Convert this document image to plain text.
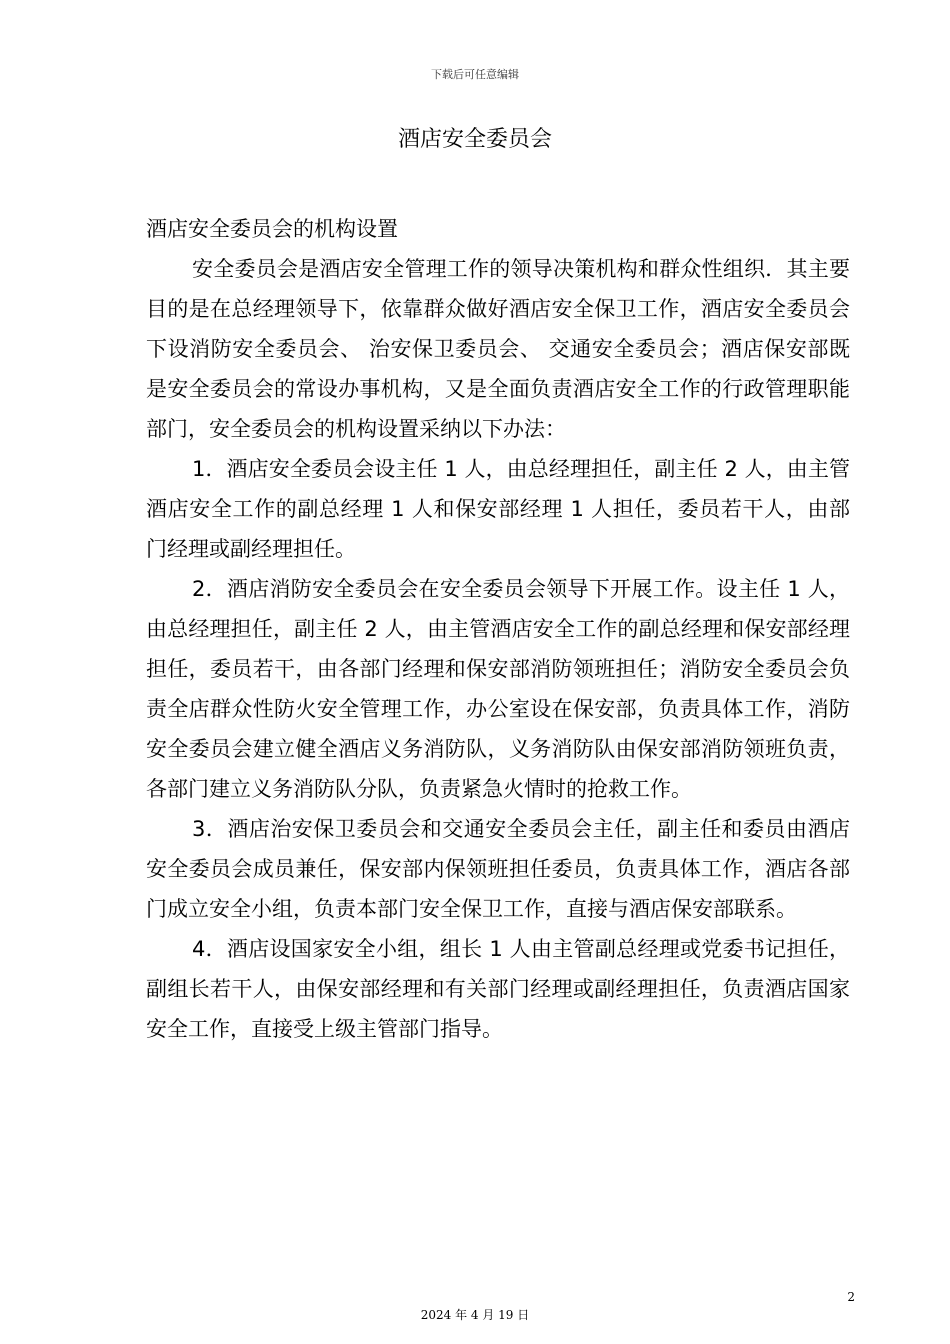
下载后可任意编辑
酒店安全委员会

酒店安全委员会的机构设置

安全委员会是酒店安全管理工作的领导决策机构和群众性组织．其主要目的是在总经理领导下，依靠群众做好酒店安全保卫工作，酒店安全委员会下设消防安全委员会、 治安保卫委员会、 交通安全委员会；酒店保安部既是安全委员会的常设办事机构，又是全面负责酒店安全工作的行政管理职能部门，安全委员会的机构设置采纳以下办法：

1．酒店安全委员会设主任 1 人，由总经理担任，副主任 2 人，由主管酒店安全工作的副总经理 1 人和保安部经理 1 人担任，委员若干人，由部门经理或副经理担任。

2．酒店消防安全委员会在安全委员会领导下开展工作。设主任 1 人，由总经理担任，副主任 2 人，由主管酒店安全工作的副总经理和保安部经理担任，委员若干，由各部门经理和保安部消防领班担任；消防安全委员会负责全店群众性防火安全管理工作，办公室设在保安部，负责具体工作，消防安全委员会建立健全酒店义务消防队，义务消防队由保安部消防领班负责，各部门建立义务消防队分队，负责紧急火情时的抢救工作。

3．酒店治安保卫委员会和交通安全委员会主任，副主任和委员由酒店安全委员会成员兼任，保安部内保领班担任委员，负责具体工作，酒店各部门成立安全小组，负责本部门安全保卫工作，直接与酒店保安部联系。

4．酒店设国家安全小组，组长 1 人由主管副总经理或党委书记担任，副组长若干人，由保安部经理和有关部门经理或副经理担任，负责酒店国家安全工作，直接受上级主管部门指导。

2
2024 年 4 月 19 日
